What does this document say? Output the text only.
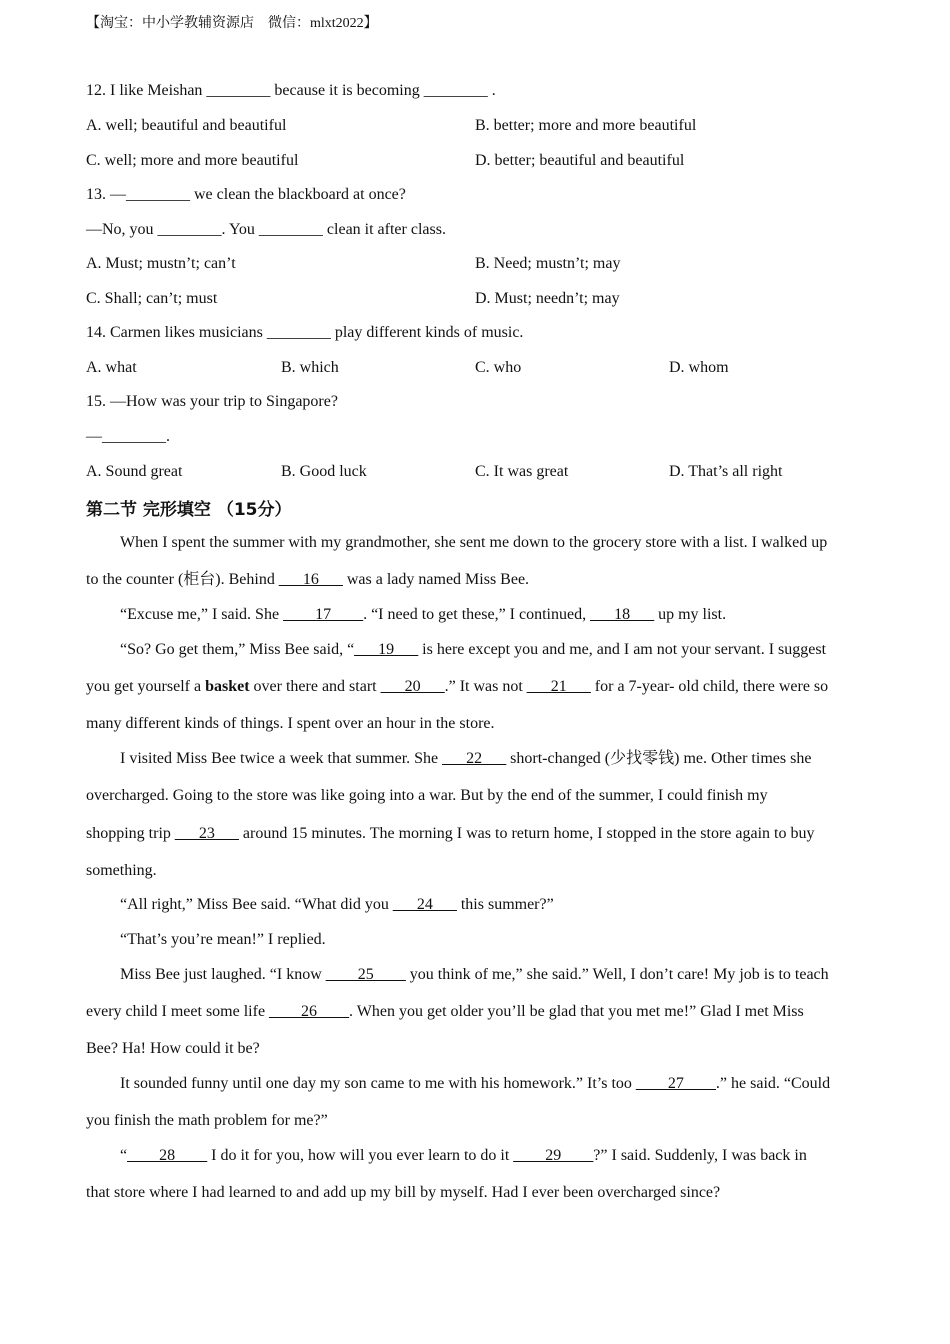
【淘宝：中小学教辅资源店　微信：mlxt2022】
12. I like Meishan ________ because it is becoming ________ .
A. well; beautiful and beautiful	B. better; more and more beautiful
C. well; more and more beautiful	D. better; beautiful and beautiful
13. —________ we clean the blackboard at once?
—No, you ________. You ________ clean it after class.
A. Must; mustn’t; can’t	B. Need; mustn’t; may
C. Shall; can’t; must	D. Must; needn’t; may
14. Carmen likes musicians ________ play different kinds of music.
A. what	B. which	C. who	D. whom
15. —How was your trip to Singapore?
—________.
A. Sound great	B. Good luck	C. It was great	D. That’s all right
第二节 完形填空 （15分）
When I spent the summer with my grandmother, she sent me down to the grocery store with a list. I walked up
to the counter (柜台). Behind ___16___ was a lady named Miss Bee.
“Excuse me,” I said. She ____17____. “I need to get these,” I continued, ___18___ up my list.
“So? Go get them,” Miss Bee said, “___19___ is here except you and me, and I am not your servant. I suggest
you get yourself a basket over there and start ___20___.” It was not ___21___ for a 7-year- old child, there were so
many different kinds of things. I spent over an hour in the store.
I visited Miss Bee twice a week that summer. She ___22___ short-changed (少找零钱) me. Other times she
overcharged. Going to the store was like going into a war. But by the end of the summer, I could finish my
shopping trip ___23___ around 15 minutes. The morning I was to return home, I stopped in the store again to buy
something.
“All right,” Miss Bee said. “What did you ___24___ this summer?”
“That’s you’re mean!” I replied.
Miss Bee just laughed. “I know ____25____ you think of me,” she said.” Well, I don’t care! My job is to teach
every child I meet some life ____26____. When you get older you’ll be glad that you met me!” Glad I met Miss
Bee? Ha! How could it be?
It sounded funny until one day my son came to me with his homework.” It’s too ____27____.” he said. “Could
you finish the math problem for me?”
“____28____ I do it for you, how will you ever learn to do it ____29____?” I said. Suddenly, I was back in
that store where I had learned to and add up my bill by myself. Had I ever been overcharged since?
